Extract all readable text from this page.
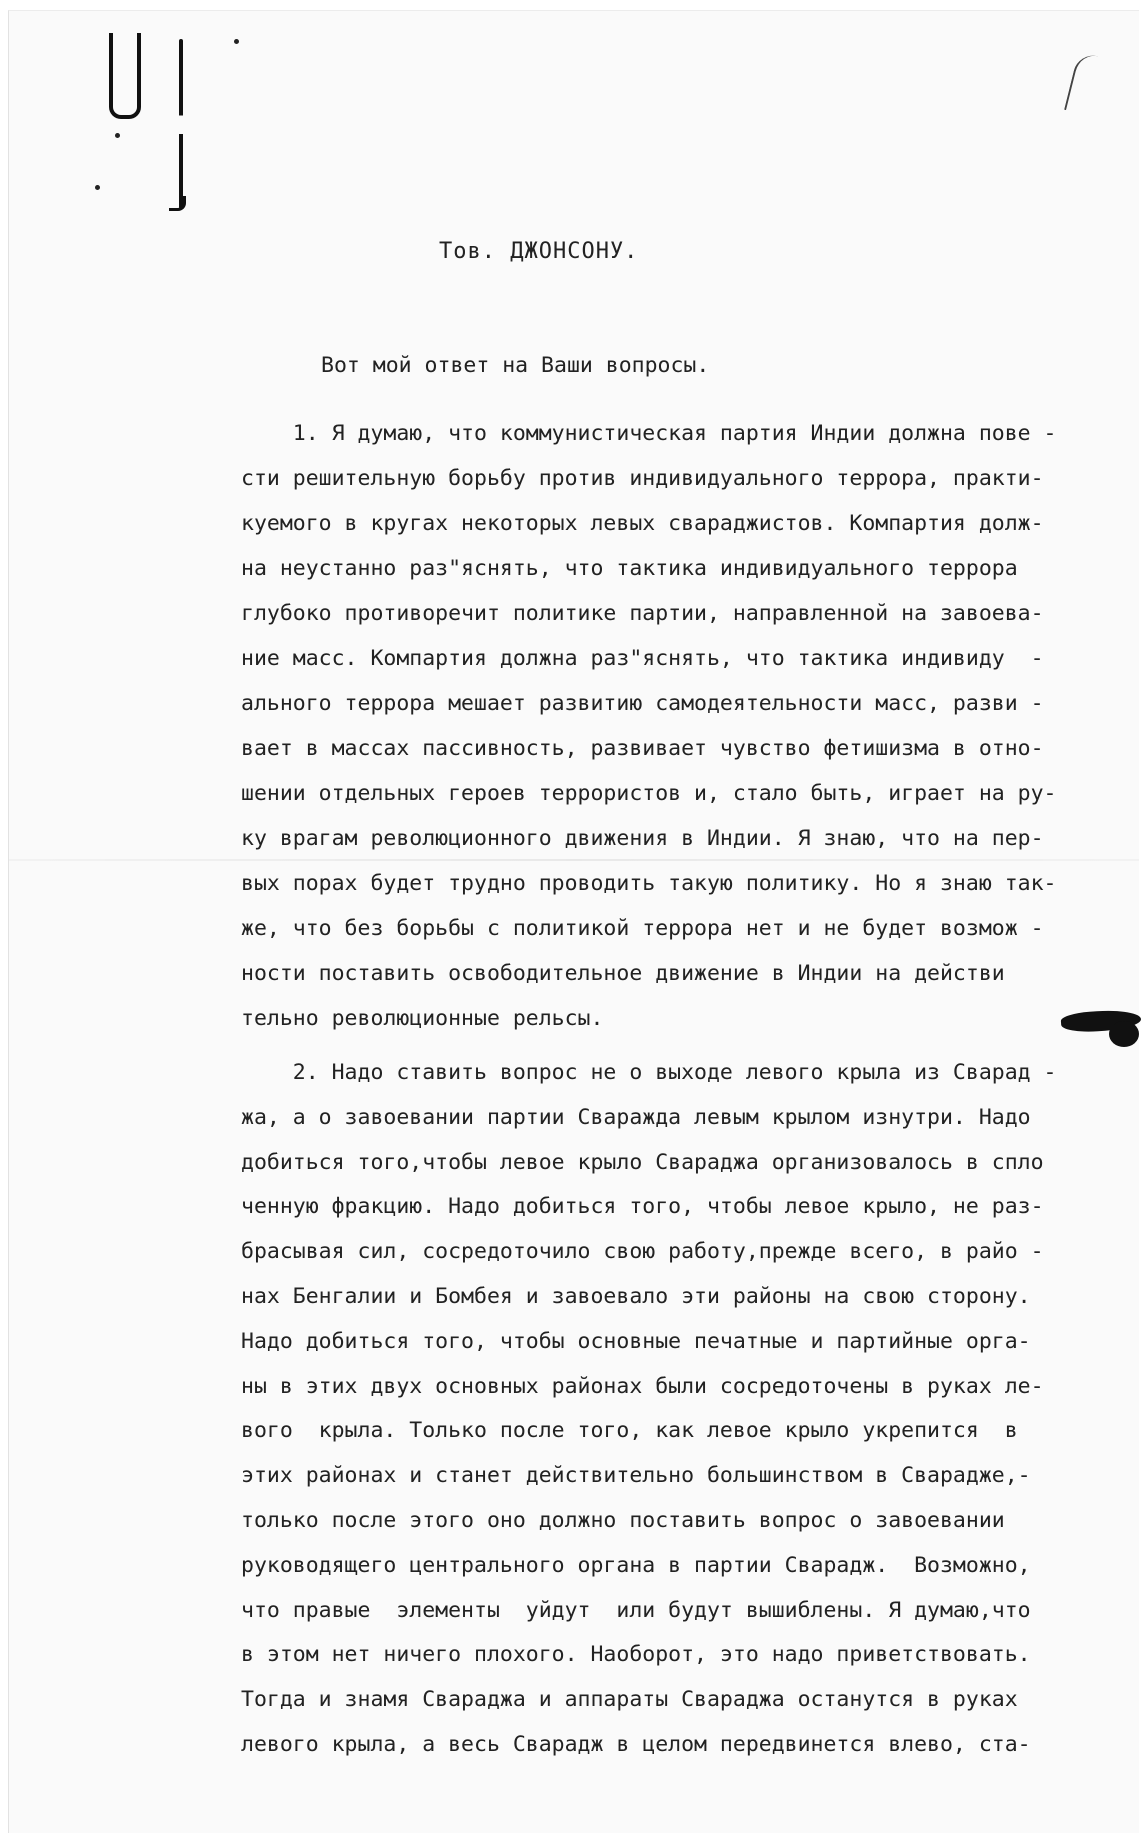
Тов. ДЖОНСОНУ.
Вот мой ответ на Ваши вопросы.
1. Я думаю, что коммунистическая партия Индии должна пове -
сти решительную борьбу против индивидуального террора, практи-
куемого в кругах некоторых левых свараджистов. Компартия долж-
на неустанно раз"яснять, что тактика индивидуального террора
глубоко противоречит политике партии, направленной на завоева-
ние масс. Компартия должна раз"яснять, что тактика индивиду  -
ального террора мешает развитию самодеятельности масс, разви -
вает в массах пассивность, развивает чувство фетишизма в отно-
шении отдельных героев террористов и, стало быть, играет на ру-
ку врагам революционного движения в Индии. Я знаю, что на пер-
вых порах будет трудно проводить такую политику. Но я знаю так-
же, что без борьбы с политикой террора нет и не будет возмож -
ности поставить освободительное движение в Индии на действи
тельно революционные рельсы.
2. Надо ставить вопрос не о выходе левого крыла из Сварад -
жа, а о завоевании партии Сваражда левым крылом изнутри. Надо
добиться того,чтобы левое крыло Свараджа организовалось в спло
ченную фракцию. Надо добиться того, чтобы левое крыло, не раз-
брасывая сил, сосредоточило свою работу,прежде всего, в райо -
нах Бенгалии и Бомбея и завоевало эти районы на свою сторону.
Надо добиться того, чтобы основные печатные и партийные орга-
ны в этих двух основных районах были сосредоточены в руках ле-
вого  крыла. Только после того, как левое крыло укрепится  в
этих районах и станет действительно большинством в Сварадже,-
только после этого оно должно поставить вопрос о завоевании
руководящего центрального органа в партии Сварадж.  Возможно,
что правые  элементы  уйдут  или будут вышиблены. Я думаю,что
в этом нет ничего плохого. Наоборот, это надо приветствовать.
Тогда и знамя Свараджа и аппараты Свараджа останутся в руках
левого крыла, а весь Сварадж в целом передвинется влево, ста-
